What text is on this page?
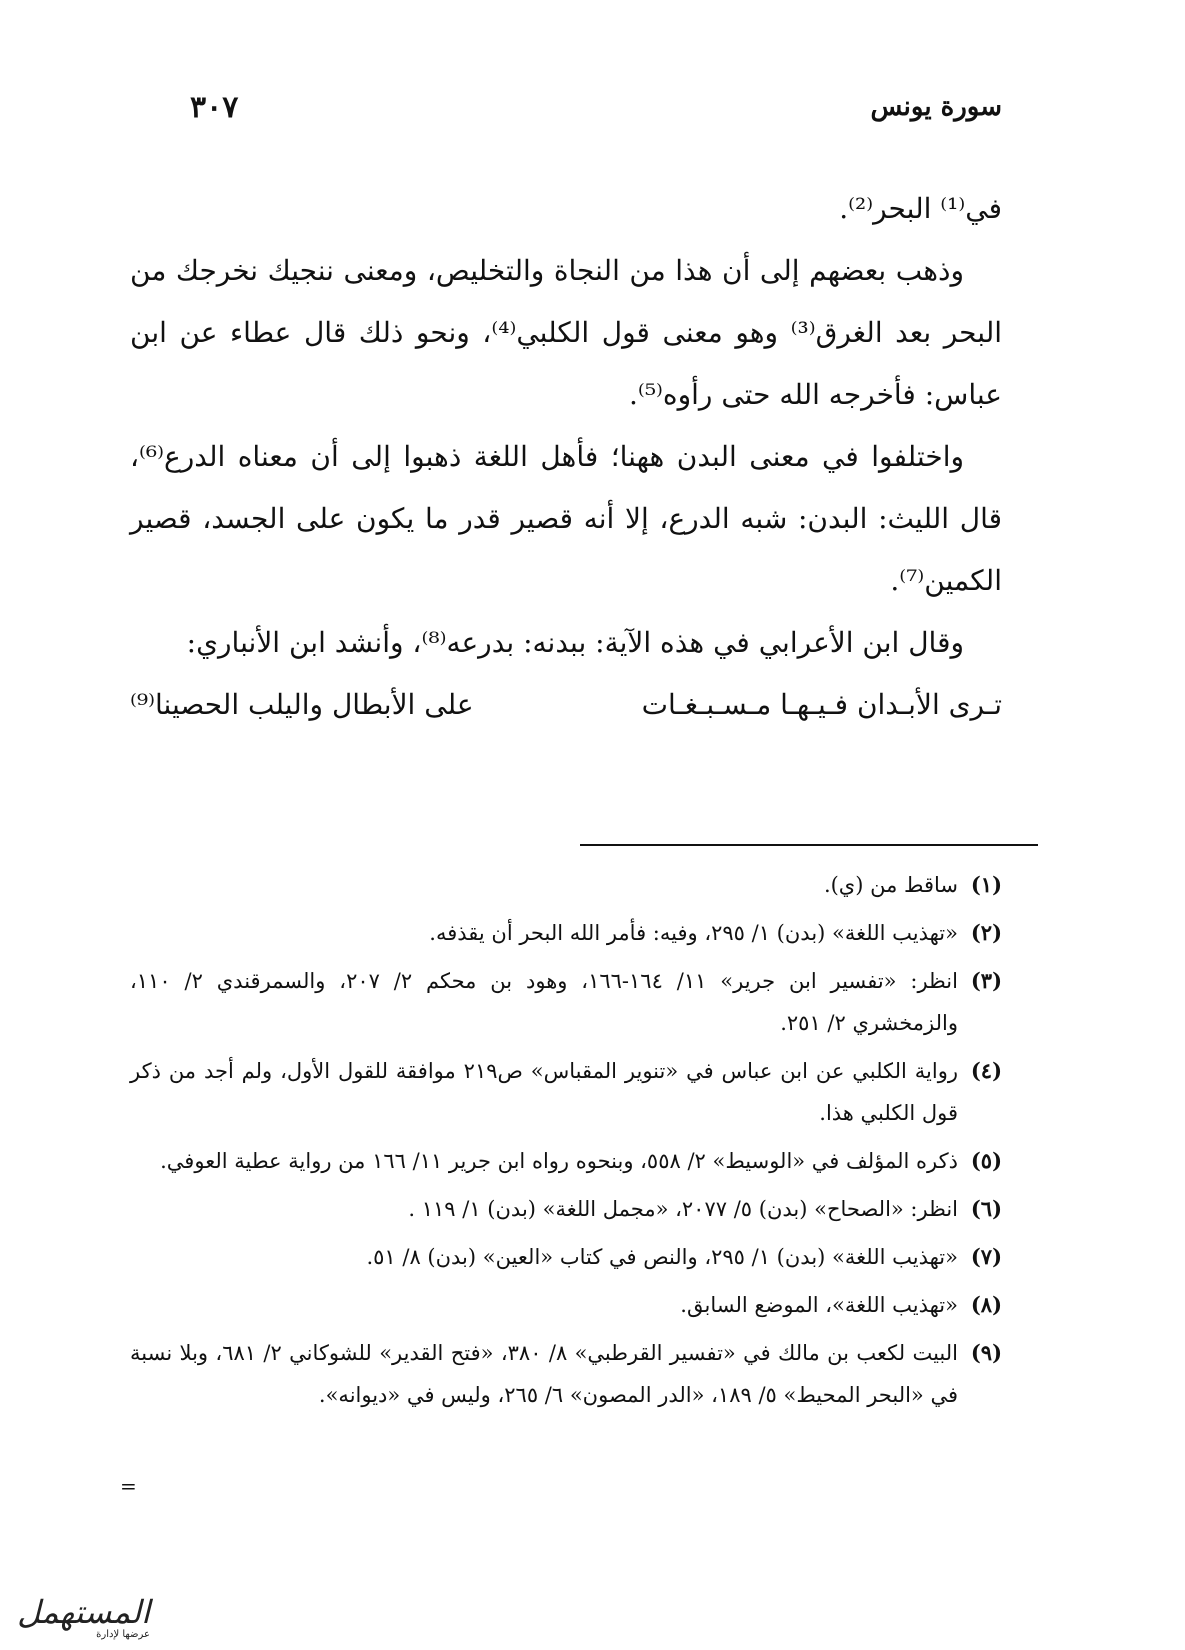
سورة يونس
٣٠٧

في⁽¹⁾ البحر⁽²⁾.

وذهب بعضهم إلى أن هذا من النجاة والتخليص، ومعنى ننجيك نخرجك من البحر بعد الغرق⁽³⁾ وهو معنى قول الكلبي⁽⁴⁾، ونحو ذلك قال عطاء عن ابن عباس: فأخرجه الله حتى رأوه⁽⁵⁾.

واختلفوا في معنى البدن ههنا؛ فأهل اللغة ذهبوا إلى أن معناه الدرع⁽⁶⁾، قال الليث: البدن: شبه الدرع، إلا أنه قصير قدر ما يكون على الجسد، قصير الكمين⁽⁷⁾.

وقال ابن الأعرابي في هذه الآية: ببدنه: بدرعه⁽⁸⁾، وأنشد ابن الأنباري:

تـرى الأبـدان فـيـهـا مـسـبـغـات
على الأبطال واليلب الحصينا⁽⁹⁾
(١)
ساقط من (ي).
(٢)
«تهذيب اللغة» (بدن) ١/ ٢٩٥، وفيه: فأمر الله البحر أن يقذفه.
(٣)
انظر: «تفسير ابن جرير» ١١/ ١٦٤-١٦٦، وهود بن محكم ٢/ ٢٠٧، والسمرقندي ٢/ ١١٠، والزمخشري ٢/ ٢٥١.
(٤)
رواية الكلبي عن ابن عباس في «تنوير المقباس» ص٢١٩ موافقة للقول الأول، ولم أجد من ذكر قول الكلبي هذا.
(٥)
ذكره المؤلف في «الوسيط» ٢/ ٥٥٨، وبنحوه رواه ابن جرير ١١/ ١٦٦ من رواية عطية العوفي.
(٦)
انظر: «الصحاح» (بدن) ٥/ ٢٠٧٧، «مجمل اللغة» (بدن) ١/ ١١٩ .
(٧)
«تهذيب اللغة» (بدن) ١/ ٢٩٥، والنص في كتاب «العين» (بدن) ٨/ ٥١.
(٨)
«تهذيب اللغة»، الموضع السابق.
(٩)
البيت لكعب بن مالك في «تفسير القرطبي» ٨/ ٣٨٠، «فتح القدير» للشوكاني ٢/ ٦٨١، وبلا نسبة في «البحر المحيط» ٥/ ١٨٩، «الدر المصون» ٦/ ٢٦٥، وليس في «ديوانه».
=
المستهمل
عرضها لإدارة
